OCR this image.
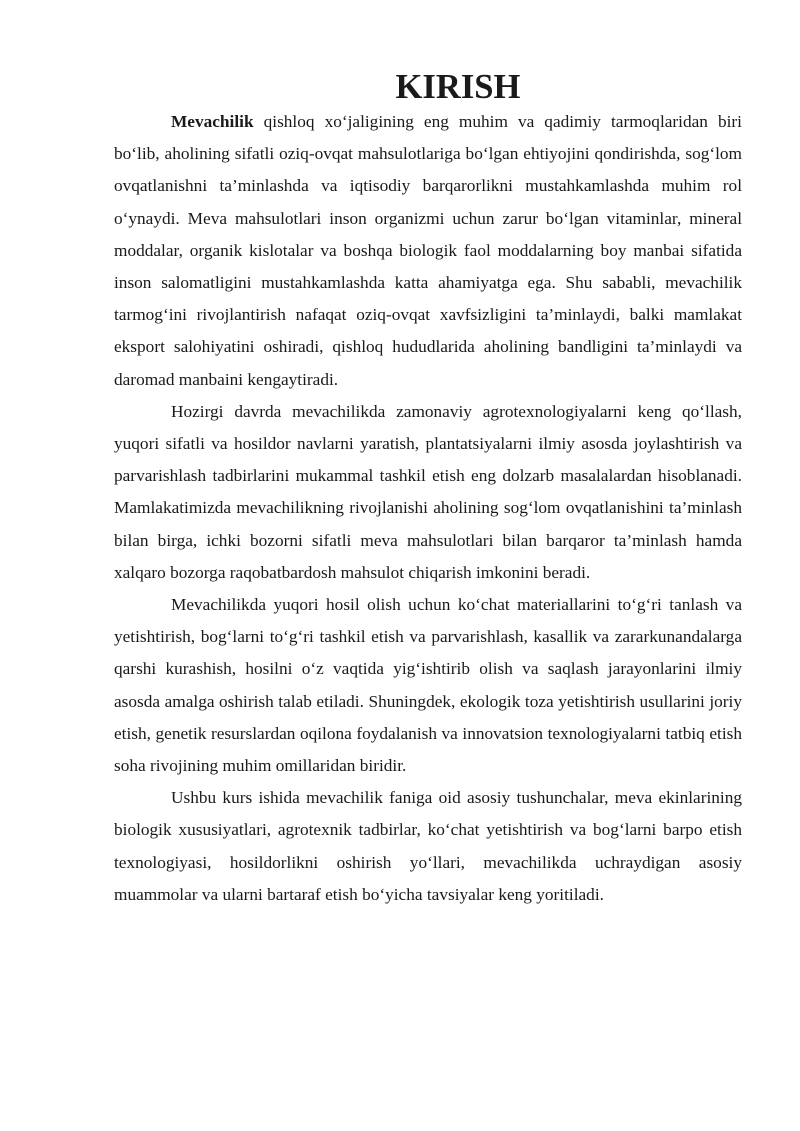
KIRISH

Mevachilik qishloq xo‘jaligining eng muhim va qadimiy tarmoqlaridan biri bo‘lib, aholining sifatli oziq-ovqat mahsulotlariga bo‘lgan ehtiyojini qondirishda, sog‘lom ovqatlanishni ta’minlashda va iqtisodiy barqarorlikni mustahkamlashda muhim rol o‘ynaydi. Meva mahsulotlari inson organizmi uchun zarur bo‘lgan vitaminlar, mineral moddalar, organik kislotalar va boshqa biologik faol moddalarning boy manbai sifatida inson salomatligini mustahkamlashda katta ahamiyatga ega. Shu sababli, mevachilik tarmog‘ini rivojlantirish nafaqat oziq-ovqat xavfsizligini ta’minlaydi, balki mamlakat eksport salohiyatini oshiradi, qishloq hududlarida aholining bandligini ta’minlaydi va daromad manbaini kengaytiradi.

Hozirgi davrda mevachilikda zamonaviy agrotexnologiyalarni keng qo‘llash, yuqori sifatli va hosildor navlarni yaratish, plantatsiyalarni ilmiy asosda joylashtirish va parvarishlash tadbirlarini mukammal tashkil etish eng dolzarb masalalardan hisoblanadi. Mamlakatimizda mevachilikning rivojlanishi aholining sog‘lom ovqatlanishini ta’minlash bilan birga, ichki bozorni sifatli meva mahsulotlari bilan barqaror ta’minlash hamda xalqaro bozorga raqobatbardosh mahsulot chiqarish imkonini beradi.

Mevachilikda yuqori hosil olish uchun ko‘chat materiallarini to‘g‘ri tanlash va yetishtirish, bog‘larni to‘g‘ri tashkil etish va parvarishlash, kasallik va zararkunandalarga qarshi kurashish, hosilni o‘z vaqtida yig‘ishtirib olish va saqlash jarayonlarini ilmiy asosda amalga oshirish talab etiladi. Shuningdek, ekologik toza yetishtirish usullarini joriy etish, genetik resurslardan oqilona foydalanish va innovatsion texnologiyalarni tatbiq etish soha rivojining muhim omillaridan biridir.

Ushbu kurs ishida mevachilik faniga oid asosiy tushunchalar, meva ekinlarining biologik xususiyatlari, agrotexnik tadbirlar, ko‘chat yetishtirish va bog‘larni barpo etish texnologiyasi, hosildorlikni oshirish yo‘llari, mevachilikda uchraydigan asosiy muammolar va ularni bartaraf etish bo‘yicha tavsiyalar keng yoritiladi.
